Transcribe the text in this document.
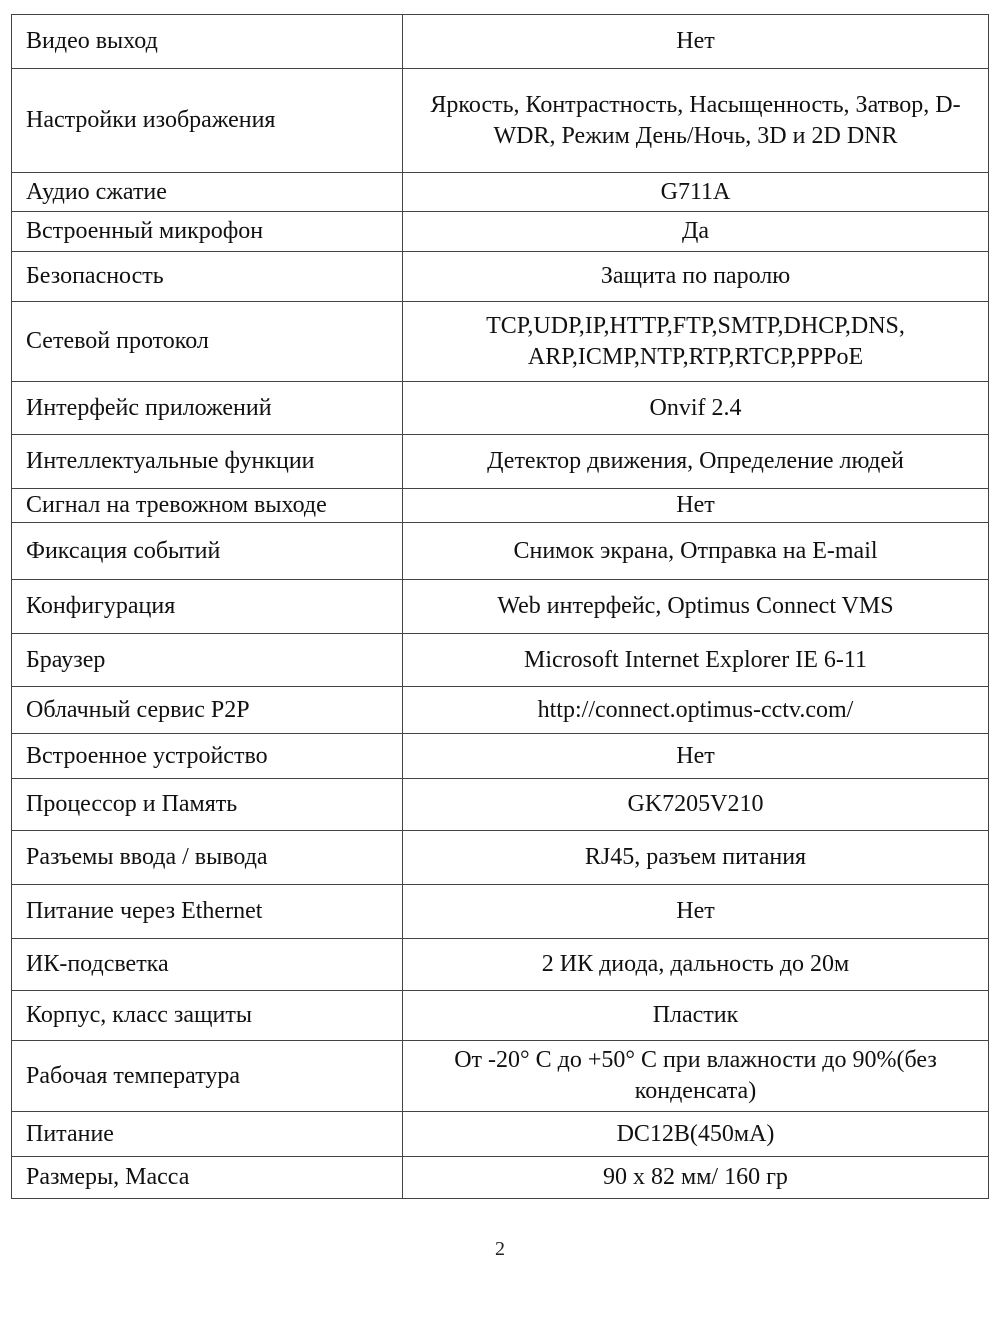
Видео выход	Нет
Настройки изображения	Яркость, Контрастность, Насыщенность, Затвор, D-WDR, Режим День/Ночь, 3D и 2D DNR
Аудио сжатие	G711A
Встроенный микрофон	Да
Безопасность	Защита по паролю
Сетевой протокол	TCP,UDP,IP,HTTP,FTP,SMTP,DHCP,DNS, ARP,ICMP,NTP,RTP,RTCP,PPPoE
Интерфейс приложений	Onvif 2.4
Интеллектуальные функции	Детектор движения, Определение людей
Сигнал на тревожном выходе	Нет
Фиксация событий	Снимок экрана, Отправка на E-mail
Конфигурация	Web интерфейс, Optimus Connect VMS
Браузер	Microsoft Internet Explorer IE 6-11
Облачный сервис P2P	http://connect.optimus-cctv.com/
Встроенное устройство	Нет
Процессор и Память	GK7205V210
Разъемы ввода / вывода	RJ45, разъем питания
Питание через Ethernet	Нет
ИК-подсветка	2 ИК диода, дальность до 20м
Корпус, класс защиты	Пластик
Рабочая температура	От -20° С до +50° С при влажности до 90%(без конденсата)
Питание	DC12В(450мА)
Размеры, Масса	90 х 82 мм/ 160 гр
2
